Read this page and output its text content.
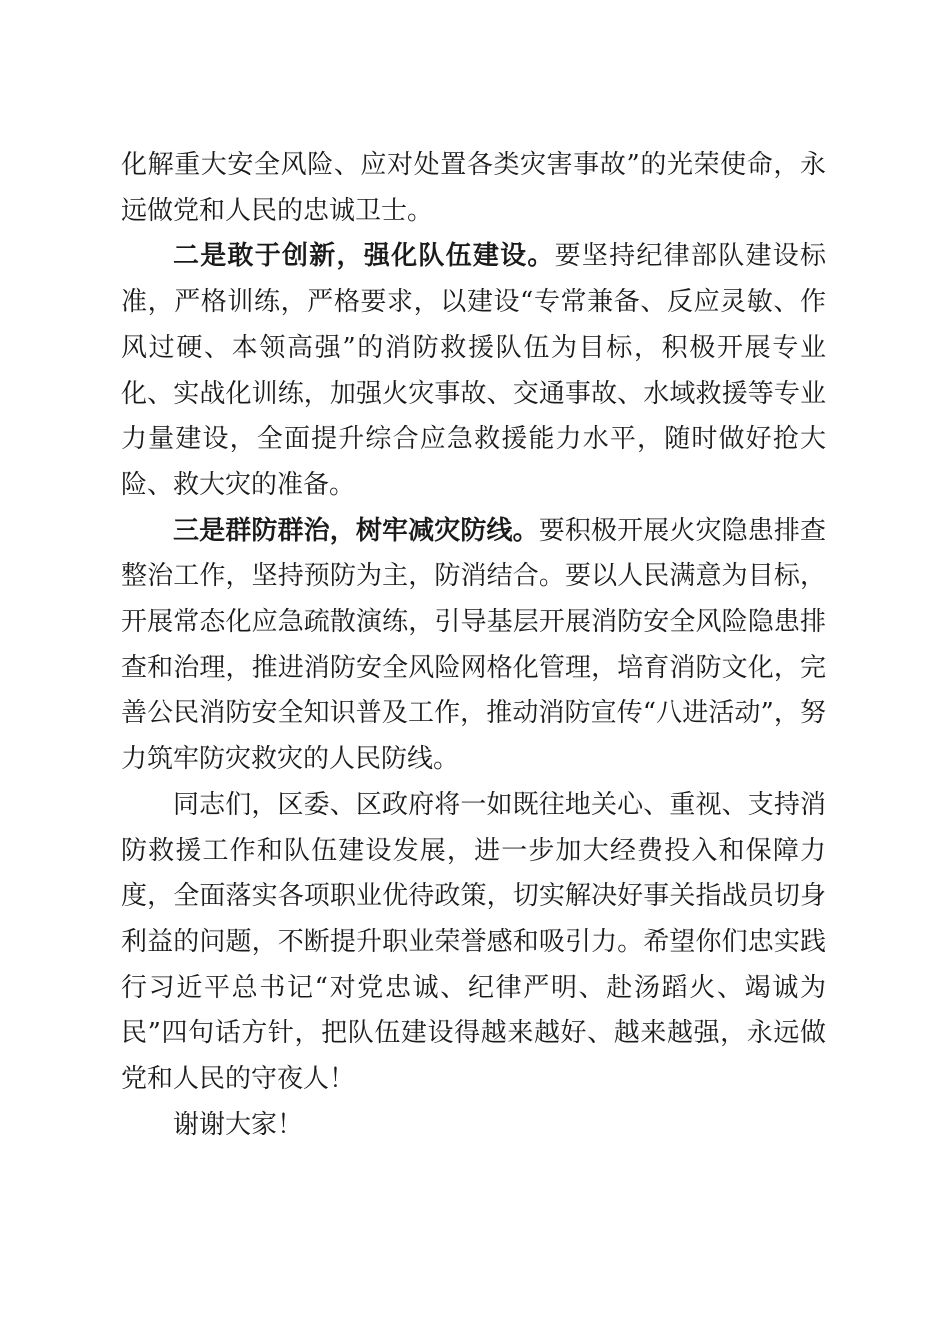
化解重大安全风险、应对处置各类灾害事故”的光荣使命，永远做党和人民的忠诚卫士。

二是敢于创新，强化队伍建设。要坚持纪律部队建设标准，严格训练，严格要求，以建设“专常兼备、反应灵敏、作风过硬、本领高强”的消防救援队伍为目标，积极开展专业化、实战化训练，加强火灾事故、交通事故、水域救援等专业力量建设，全面提升综合应急救援能力水平，随时做好抢大险、救大灾的准备。

三是群防群治，树牢减灾防线。要积极开展火灾隐患排查整治工作，坚持预防为主，防消结合。要以人民满意为目标，开展常态化应急疏散演练，引导基层开展消防安全风险隐患排查和治理，推进消防安全风险网格化管理，培育消防文化，完善公民消防安全知识普及工作，推动消防宣传“八进活动”，努力筑牢防灾救灾的人民防线。

同志们，区委、区政府将一如既往地关心、重视、支持消防救援工作和队伍建设发展，进一步加大经费投入和保障力度，全面落实各项职业优待政策，切实解决好事关指战员切身利益的问题，不断提升职业荣誉感和吸引力。希望你们忠实践行习近平总书记“对党忠诚、纪律严明、赴汤蹈火、竭诚为民”四句话方针，把队伍建设得越来越好、越来越强，永远做党和人民的守夜人！

谢谢大家！
